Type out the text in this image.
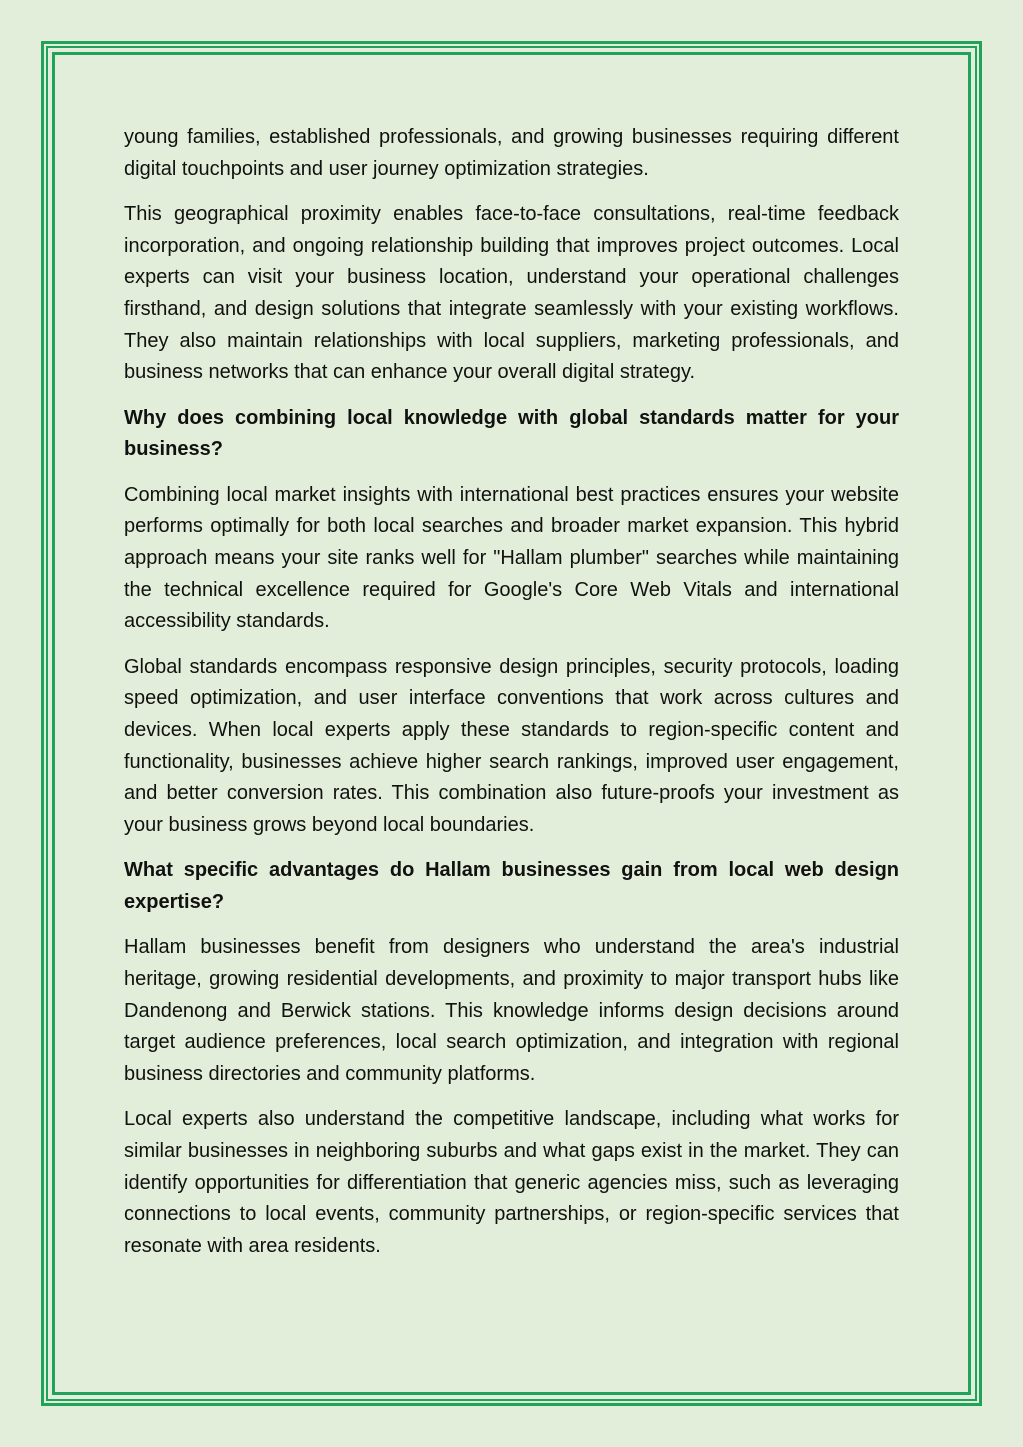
young families, established professionals, and growing businesses requiring different digital touchpoints and user journey optimization strategies.

This geographical proximity enables face-to-face consultations, real-time feedback incorporation, and ongoing relationship building that improves project outcomes. Local experts can visit your business location, understand your operational challenges firsthand, and design solutions that integrate seamlessly with your existing workflows. They also maintain relationships with local suppliers, marketing professionals, and business networks that can enhance your overall digital strategy.

Why does combining local knowledge with global standards matter for your business?

Combining local market insights with international best practices ensures your website performs optimally for both local searches and broader market expansion. This hybrid approach means your site ranks well for "Hallam plumber" searches while maintaining the technical excellence required for Google's Core Web Vitals and international accessibility standards.

Global standards encompass responsive design principles, security protocols, loading speed optimization, and user interface conventions that work across cultures and devices. When local experts apply these standards to region-specific content and functionality, businesses achieve higher search rankings, improved user engagement, and better conversion rates. This combination also future-proofs your investment as your business grows beyond local boundaries.

What specific advantages do Hallam businesses gain from local web design expertise?

Hallam businesses benefit from designers who understand the area's industrial heritage, growing residential developments, and proximity to major transport hubs like Dandenong and Berwick stations. This knowledge informs design decisions around target audience preferences, local search optimization, and integration with regional business directories and community platforms.

Local experts also understand the competitive landscape, including what works for similar businesses in neighboring suburbs and what gaps exist in the market. They can identify opportunities for differentiation that generic agencies miss, such as leveraging connections to local events, community partnerships, or region-specific services that resonate with area residents.
